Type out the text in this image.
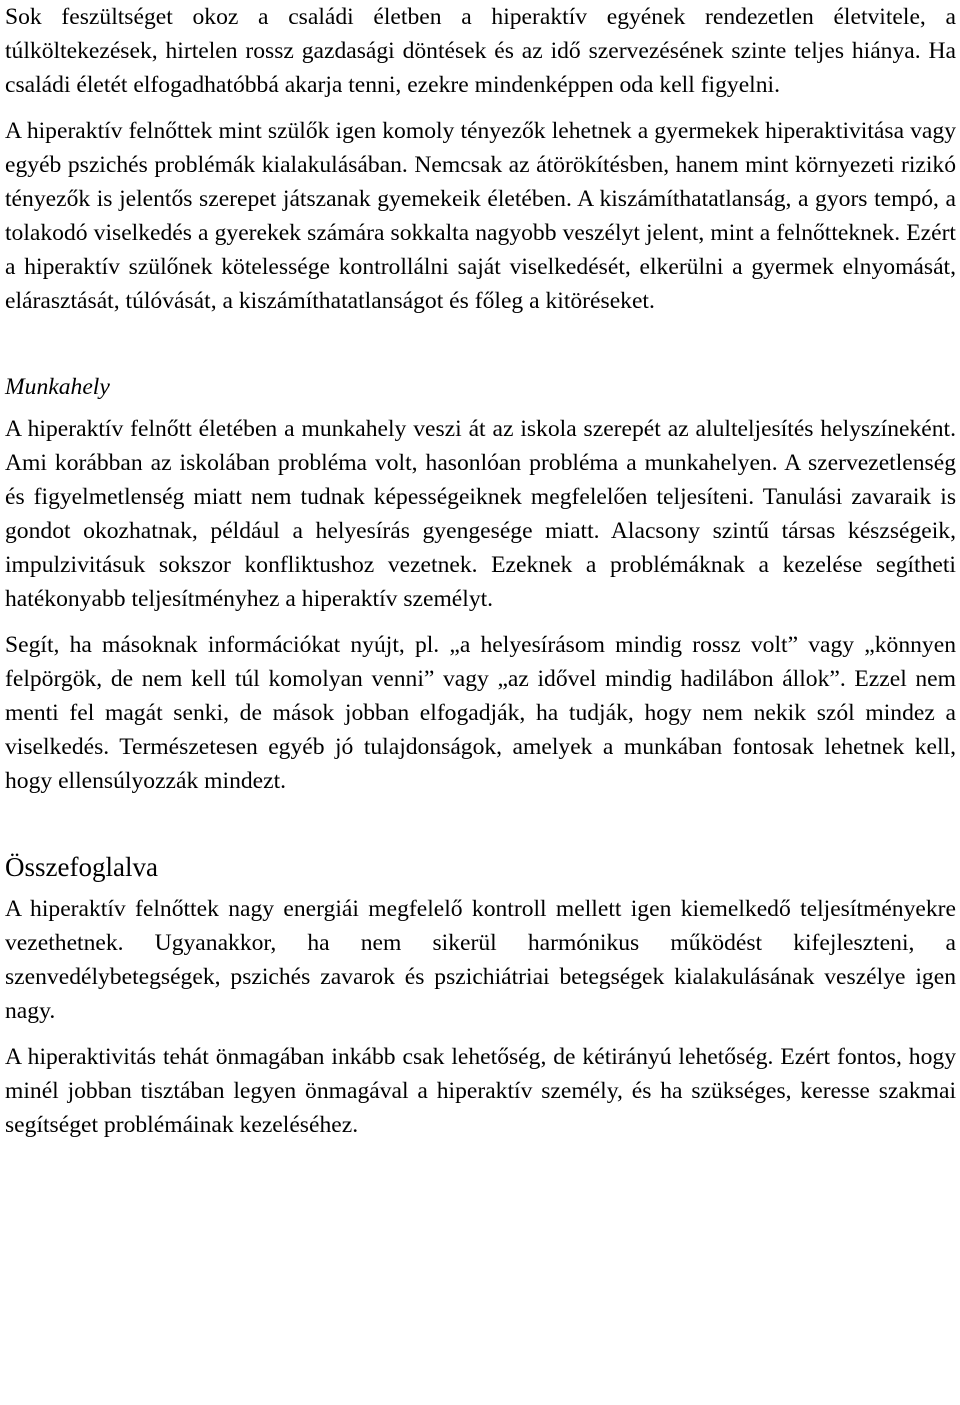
Sok feszültséget okoz a családi életben a hiperaktív egyének rendezetlen életvitele, a túlköltekezések, hirtelen rossz gazdasági döntések és az idő szervezésének szinte teljes hiánya. Ha családi életét elfogadhatóbbá akarja tenni, ezekre mindenképpen oda kell figyelni.

A hiperaktív felnőttek mint szülők igen komoly tényezők lehetnek a gyermekek hiperaktivitása vagy egyéb pszichés problémák kialakulásában. Nemcsak az átörökítésben, hanem mint környezeti rizikó tényezők is jelentős szerepet játszanak gyemekeik életében. A kiszámíthatatlanság, a gyors tempó, a tolakodó viselkedés a gyerekek számára sokkalta nagyobb veszélyt jelent, mint a felnőtteknek. Ezért a hiperaktív szülőnek kötelessége kontrollálni saját viselkedését, elkerülni a gyermek elnyomását, elárasztását, túlóvását, a kiszámíthatatlanságot és főleg a kitöréseket.

Munkahely

A hiperaktív felnőtt életében a munkahely veszi át az iskola szerepét az alulteljesítés helyszíneként. Ami korábban az iskolában probléma volt, hasonlóan probléma a munkahelyen. A szervezetlenség és figyelmetlenség miatt nem tudnak képességeiknek megfelelően teljesíteni. Tanulási zavaraik is gondot okozhatnak, például a helyesírás gyengesége miatt. Alacsony szintű társas készségeik, impulzivitásuk sokszor konfliktushoz vezetnek. Ezeknek a problémáknak a kezelése segítheti hatékonyabb teljesítményhez a hiperaktív személyt.

Segít, ha másoknak információkat nyújt, pl. „a helyesírásom mindig rossz volt” vagy „könnyen felpörgök, de nem kell túl komolyan venni” vagy „az idővel mindig hadilábon állok”. Ezzel nem menti fel magát senki, de mások jobban elfogadják, ha tudják, hogy nem nekik szól mindez a viselkedés. Természetesen egyéb jó tulajdonságok, amelyek a munkában fontosak lehetnek kell, hogy ellensúlyozzák mindezt.

Összefoglalva

A hiperaktív felnőttek nagy energiái megfelelő kontroll mellett igen kiemelkedő teljesítményekre vezethetnek. Ugyanakkor, ha nem sikerül harmónikus működést kifejleszteni, a szenvedélybetegségek, pszichés zavarok és pszichiátriai betegségek kialakulásának veszélye igen nagy.

A hiperaktivitás tehát önmagában inkább csak lehetőség, de kétirányú lehetőség. Ezért fontos, hogy minél jobban tisztában legyen önmagával a hiperaktív személy, és ha szükséges, keresse szakmai segítséget problémáinak kezeléséhez.
